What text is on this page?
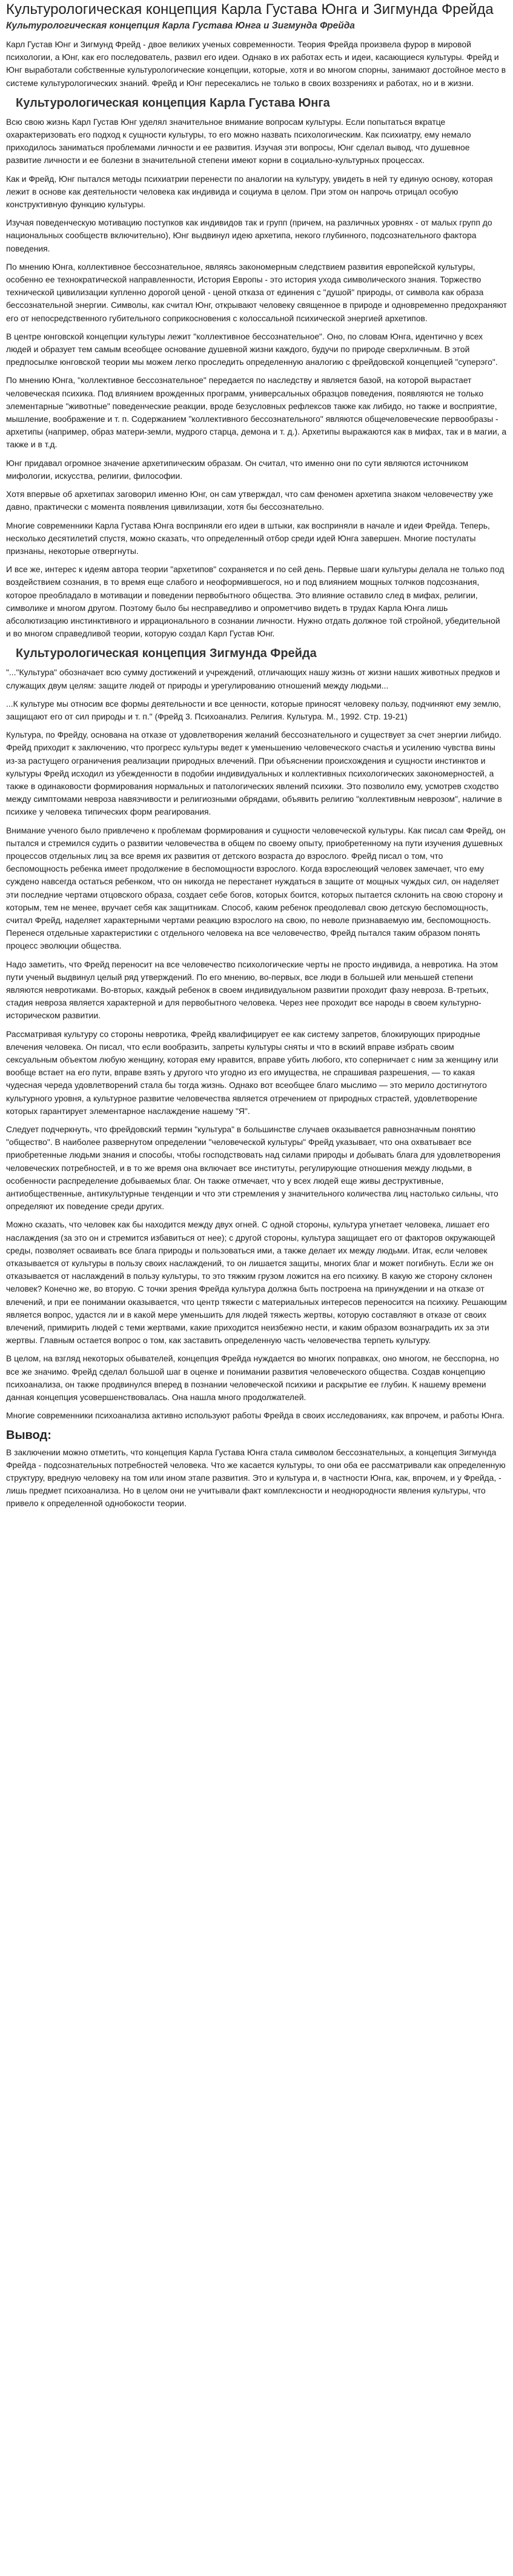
Культурологическая концепция Карла Густава Юнга и Зигмунда Фрейда
Культурологическая концепция Карла Густава Юнга и Зигмунда Фрейда

Карл Густав Юнг и Зигмунд Фрейд - двое великих ученых современности. Теория Фрейда произвела фурор в мировой психологии, а Юнг, как его последователь, развил его идеи. Однако в их работах есть и идеи, касающиеся культуры. Фрейд и Юнг выработали собственные культурологические концепции, которые, хотя и во многом спорны, занимают достойное место в системе культурологических знаний. Фрейд и Юнг пересекались не только в своих воззрениях и работах, но и в жизни.

Культурологическая концепция Карла Густава Юнга

Всю свою жизнь Карл Густав Юнг уделял значительное внимание вопросам культуры. Если попытаться вкратце охарактеризовать его подход к сущности культуры, то его можно назвать психологическим. Как психиатру, ему немало приходилось заниматься проблемами личности и ее развития. Изучая эти вопросы, Юнг сделал вывод, что душевное развитие личности и ее болезни в значительной степени имеют корни в социально-культурных процессах.

Как и Фрейд, Юнг пытался методы психиатрии перенести по аналогии на культуру, увидеть в ней ту единую основу, которая лежит в основе как деятельности человека как индивида и социума в целом. При этом он напрочь отрицал особую конструктивную функцию культуры.

Изучая поведенческую мотивацию поступков как индивидов так и групп (причем, на различных уровнях - от малых групп до национальных сообществ включительно), Юнг выдвинул идею архетипа, некого глубинного, подсознательного фактора поведения.

По мнению Юнга, коллективное бессознательное, являясь закономерным следствием развития европейской культуры, особенно ее технократической направленности, История Европы - это история ухода символического знания. Торжество технической цивилизации купленно дорогой ценой - ценой отказа от единения с "душой" природы, от символа как образа бессознательной энергии. Символы, как считал Юнг, открывают человеку священное в природе и одновременно предохраняют его от непосредственного губительного соприкосновения с колоссальной психической энергией архетипов.

В центре юнговской концепции культуры лежит "коллективное бессознательное". Оно, по словам Юнга, идентично у всех людей и образует тем самым всеобщее основание душевной жизни каждого, будучи по природе сверхличным. В этой предпосылке юнговской теории мы можем легко проследить определенную аналогию с фрейдовской концепцией "суперэго".

По мнению Юнга, "коллективное бессознательное" передается по наследству и является базой, на которой вырастает человеческая психика. Под влиянием врожденных программ, универсальных образцов поведения, появляются не только элементарные "животные" поведенческие реакции, вроде безусловных рефлексов также как либидо, но также и восприятие, мышление, воображение и т. п. Содержанием "коллективного бессознательного" являются общечеловеческие первообразы - архетипы (например, образ матери-земли, мудрого старца, демона и т. д.). Архетипы выражаются как в мифах, так и в магии, а также и в т.д.

Юнг придавал огромное значение архетипическим образам. Он считал, что именно они по сути являются источником мифологии, искусства, религии, философии.

Хотя впервые об архетипах заговорил именно Юнг, он сам утверждал, что сам феномен архетипа знаком человечеству уже давно, практически с момента появления цивилизации, хотя бы бессознательно.

Многие современники Карла Густава Юнга восприняли его идеи в штыки, как восприняли в начале и идеи Фрейда. Теперь, несколько десятилетий спустя, можно сказать, что определенный отбор среди идей Юнга завершен. Многие постулаты признаны, некоторые отвергнуты.

И все же, интерес к идеям автора теории "архетипов" сохраняется и по сей день. Первые шаги культуры делала не только под воздействием сознания, в то время еще слабого и неоформившегося, но и под влиянием мощных толчков подсознания, которое преобладало в мотивации и поведении первобытного общества. Это влияние оставило след в мифах, религии, символике и многом другом. Поэтому было бы несправедливо и опрометчиво видеть в трудах Карла Юнга лишь абсолютизацию инстинктивного и иррационального в сознании личности. Нужно отдать должное той стройной, убедительной и во многом справедливой теории, которую создал Карл Густав Юнг.

Культурологическая концепция Зигмунда Фрейда

"..."Культура" обозначает всю сумму достижений и учреждений, отличающих нашу жизнь от жизни наших животных предков и служащих двум целям: защите людей от природы и урегулированию отношений между людьми...

...К культуре мы относим все формы деятельности и все ценности, которые приносят человеку пользу, подчиняют ему землю, защищают его от сил природы и т. п." (Фрейд 3. Психоанализ. Религия. Культура. М., 1992. Стр. 19-21)

Культура, по Фрейду, основана на отказе от удовлетворения желаний бессознательного и существует за счет энергии либидо. Фрейд приходит к заключению, что прогресс культуры ведет к уменьшению человеческого счастья и усилению чувства вины из-за растущего ограничения реализации природных влечений. При объяснении происхождения и сущности инстинктов и культуры Фрейд исходил из убежденности в подобии индивидуальных и коллективных психологических закономерностей, а также в одинаковости формирования нормальных и патологических явлений психики. Это позволило ему, усмотрев сходство между симптомами невроза навязчивости и религиозными обрядами, объявить религию "коллективным неврозом", наличие в психике у человека типических форм реагирования.

Внимание ученого было привлечено к проблемам формирования и сущности человеческой культуры. Как писал сам Фрейд, он пытался и стремился судить о развитии человечества в общем по своему опыту, приобретенному на пути изучения душевных процессов отдельных лиц за все время их развития от детского возраста до взрослого. Фрейд писал о том, что беспомощность ребенка имеет продолжение в беспомощности взрослого. Когда взрослеющий человек замечает, что ему суждено навсегда остаться ребенком, что он никогда не перестанет нуждаться в защите от мощных чуждых сил, он наделяет эти последние чертами отцовского образа, создает себе богов, которых боится, которых пытается склонить на свою сторону и которым, тем не менее, вручает себя как защитникам. Способ, каким ребенок преодолевал свою детскую беспомощность, считал Фрейд, наделяет характерными чертами реакцию взрослого на свою, по неволе признаваемую им, беспомощность. Перенеся отдельные характеристики с отдельного человека на все человечество, Фрейд пытался таким образом понять процесс эволюции общества.

Надо заметить, что Фрейд переносит на все человечество психологические черты не просто индивида, а невротика. На этом пути ученый выдвинул целый ряд утверждений. По его мнению, во-первых, все люди в большей или меньшей степени являются невротиками. Во-вторых, каждый ребенок в своем индивидуальном развитии проходит фазу невроза. В-третьих, стадия невроза является характерной и для первобытного человека. Через нее проходит все народы в своем культурно-историческом развитии.

Рассматривая культуру со стороны невротика, Фрейд квалифицирует ее как систему запретов, блокирующих природные влечения человека. Он писал, что если вообразить, запреты культуры сняты и что в вскиий вправе избрать своим сексуальным объектом любую женщину, которая ему нравится, вправе убить любого, кто соперничает с ним за женщину или вообще встает на его пути, вправе взять у другого что угодно из его имущества, не спрашивая разрешения, — то какая чудесная череда удовлетворений стала бы тогда жизнь. Однако вот всеобщее благо мыслимо — это мерило достигнутого культурного уровня, а культурное развитие человечества является отречением от природных страстей, удовлетворение которых гарантирует элементарное наслаждение нашему "Я".

Следует подчеркнуть, что фрейдовский термин "культура" в большинстве случаев оказывается равнозначным понятию "общество". В наиболее развернутом определении "человеческой культуры" Фрейд указывает, что она охватывает все приобретенные людьми знания и способы, чтобы господствовать над силами природы и добывать блага для удовлетворения человеческих потребностей, и в то же время она включает все институты, регулирующие отношения между людьми, в особенности распределение добываемых благ. Он также отмечает, что у всех людей еще живы деструктивные, антиобщественные, антикультурные тенденции и что эти стремления у значительного количества лиц настолько сильны, что определяют их поведение среди других.

Можно сказать, что человек как бы находится между двух огней. С одной стороны, культура угнетает человека, лишает его наслаждения (за это он и стремится избавиться от нее); с другой стороны, культура защищает его от факторов окружающей среды, позволяет осваивать все блага природы и пользоваться ими, а также делает их между людьми. Итак, если человек отказывается от культуры в пользу своих наслаждений, то он лишается защиты, многих благ и может погибнуть. Если же он отказывается от наслаждений в пользу культуры, то это тяжким грузом ложится на его психику. В какую же сторону склонен человек? Конечно же, во вторую. С точки зрения Фрейда культура должна быть построена на принуждении и на отказе от влечений, и при ее понимании оказывается, что центр тяжести с материальных интересов переносится на психику. Решающим является вопрос, удастся ли и в какой мере уменьшить для людей тяжесть жертвы, которую составляют в отказе от своих влечений, примирить людей с теми жертвами, какие приходится неизбежно нести, и каким образом вознаградить их за эти жертвы. Главным остается вопрос о том, как заставить определенную часть человечества терпеть культуру.

В целом, на взгляд некоторых обывателей, концепция Фрейда нуждается во многих поправках, оно многом, не бесспорна, но все же значимо. Фрейд сделал большой шаг в оценке и понимании развития человеческого общества. Создав концепцию психоанализа, он также продвинулся вперед в познании человеческой психики и раскрытие ее глубин. К нашему времени данная концепция усовершенствовалась. Она нашла много продолжателей.

Многие современники психоанализа активно используют работы Фрейда в своих исследованиях, как впрочем, и работы Юнга.

Вывод:

В заключении можно отметить, что концепция Карла Густава Юнга стала символом бессознательных, а концепция Зигмунда Фрейда - подсознательных потребностей человека. Что же касается культуры, то они оба ее рассматривали как определенную структуру, вредную человеку на том или ином этапе развития. Это и культура и, в частности Юнга, как, впрочем, и у Фрейда, - лишь предмет психоанализа. Но в целом они не учитывали факт комплексности и неоднородности явления культуры, что привело к определенной однобокости теории.
